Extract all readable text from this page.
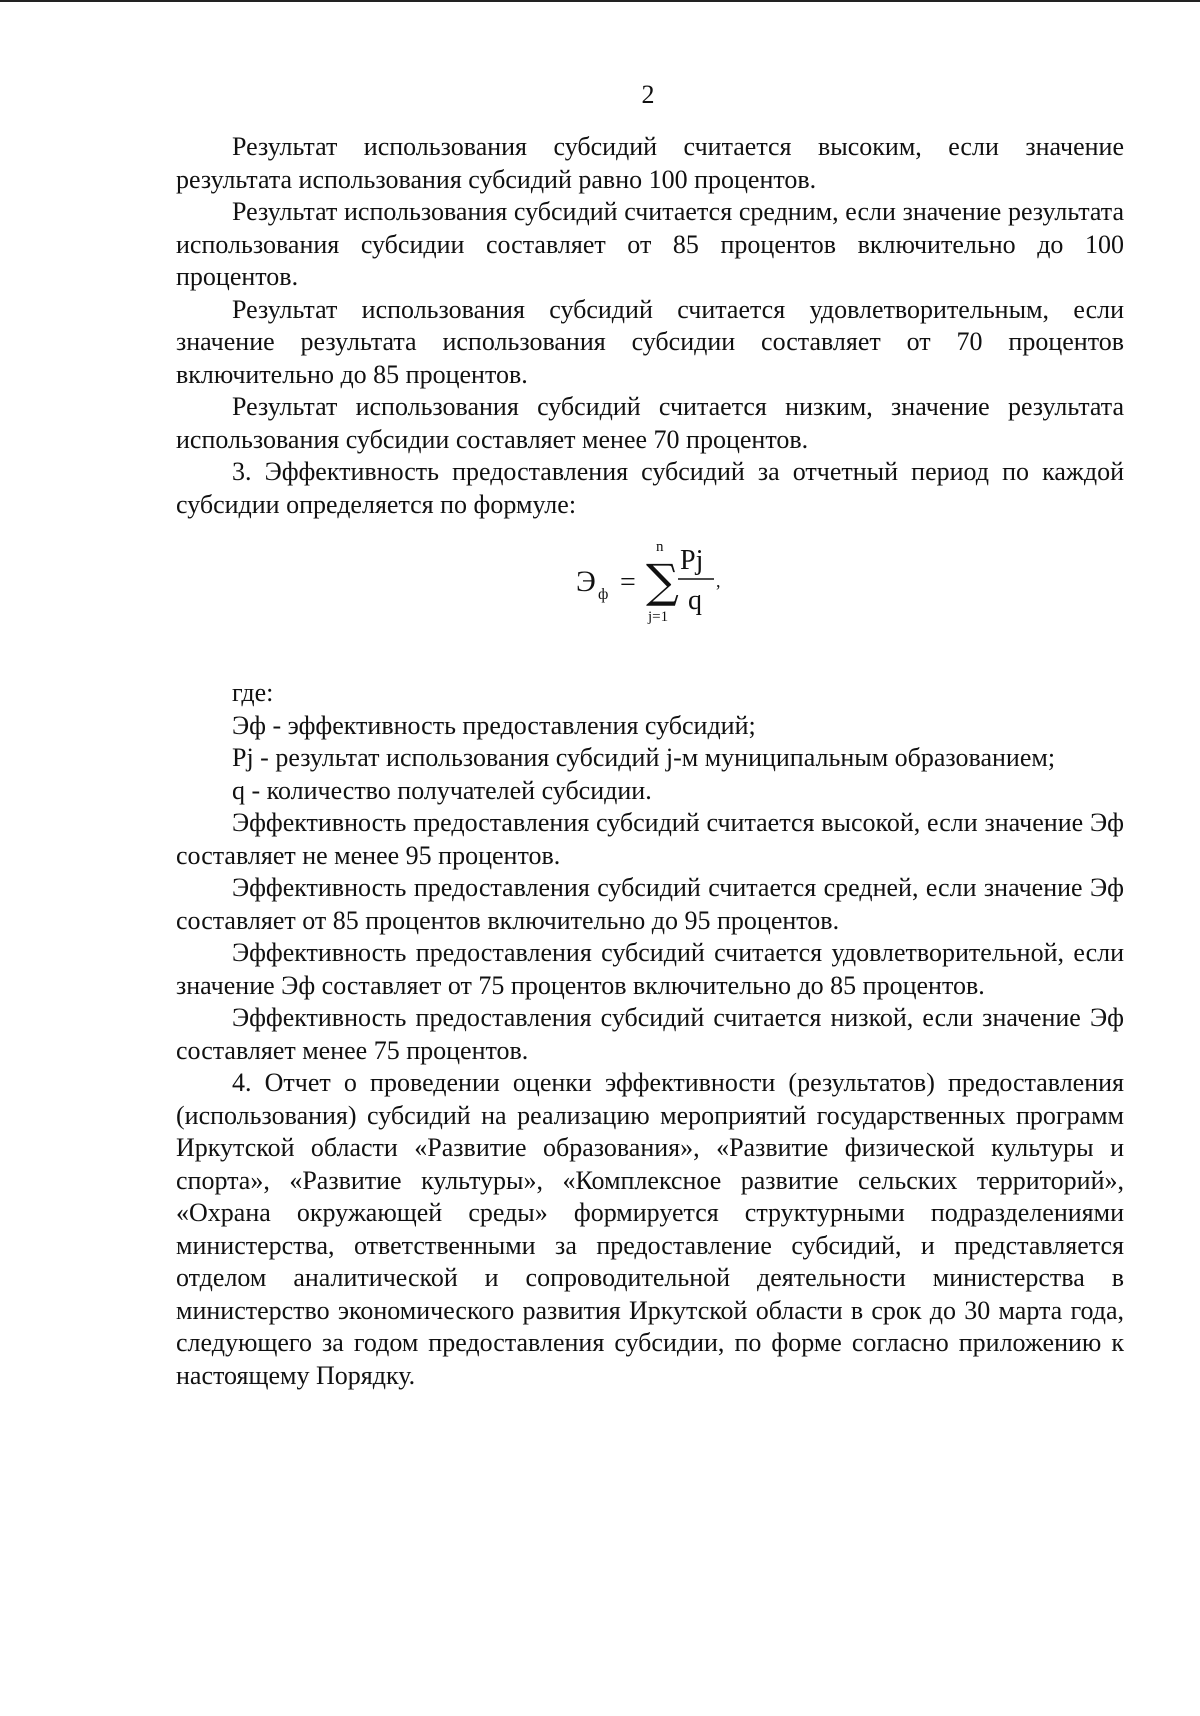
2

Результат использования субсидий считается высоким, если значение результата использования субсидий равно 100 процентов.

Результат использования субсидий считается средним, если значение результата использования субсидии составляет от 85 процентов включительно до 100 процентов.

Результат использования субсидий считается удовлетворительным, если значение результата использования субсидии составляет от 70 процентов включительно до 85 процентов.

Результат использования субсидий считается низким, значение результата использования субсидии составляет менее 70 процентов.

3. Эффективность предоставления субсидий за отчетный период по каждой субсидии определяется по формуле:

Э ф = ∑
n
j=1
Pj
q
,

где:

Эф - эффективность предоставления субсидий;

Pj - результат использования субсидий j-м муниципальным образованием;

q - количество получателей субсидии.

Эффективность предоставления субсидий считается высокой, если значение Эф составляет не менее 95 процентов.

Эффективность предоставления субсидий считается средней, если значение Эф составляет от 85 процентов включительно до 95 процентов.

Эффективность предоставления субсидий считается удовлетворительной, если значение Эф составляет от 75 процентов включительно до 85 процентов.

Эффективность предоставления субсидий считается низкой, если значение Эф составляет менее 75 процентов.

4. Отчет о проведении оценки эффективности (результатов) предоставления (использования) субсидий на реализацию мероприятий государственных программ Иркутской области «Развитие образования», «Развитие физической культуры и спорта», «Развитие культуры», «Комплексное развитие сельских территорий», «Охрана окружающей среды» формируется структурными подразделениями министерства, ответственными за предоставление субсидий, и представляется отделом аналитической и сопроводительной деятельности министерства в министерство экономического развития Иркутской области в срок до 30 марта года, следующего за годом предоставления субсидии, по форме согласно приложению к настоящему Порядку.
